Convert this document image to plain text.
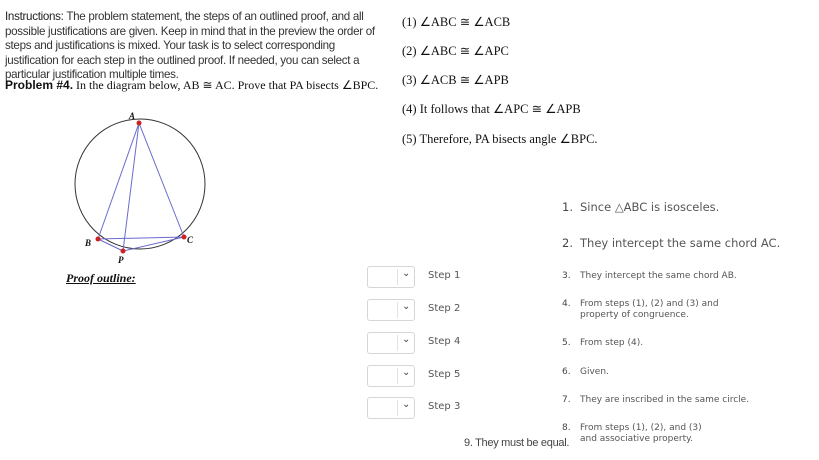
Instructions: The problem statement, the steps of an outlined proof, and all possible justifications are given. Keep in mind that in the preview the order of steps and justifications is mixed. Your task is to select corresponding justification for each step in the outlined proof. If needed, you can select a particular justification multiple times.
Problem #4. In the diagram below, AB ≅ AC. Prove that PA bisects ∠BPC.
A
B	C
P
(1) ∠ABC ≅ ∠ACB
(2) ∠ABC ≅ ∠APC
(3) ∠ACB ≅ ∠APB
(4) It follows that ∠APC ≅ ∠APB
(5) Therefore, PA bisects angle ∠BPC.
Proof outline:	⌄ Step 1
⌄ Step 2
⌄ Step 4
⌄ Step 5
⌄ Step 3
1. Since △ABC is isosceles.
2. They intercept the same chord AC.
3. They intercept the same chord AB.
4. From steps (1), (2) and (3) and property of congruence.
5. From step (4).
6. Given.
7. They are inscribed in the same circle.
8. From steps (1), (2), and (3) and associative property.
9. They must be equal.
